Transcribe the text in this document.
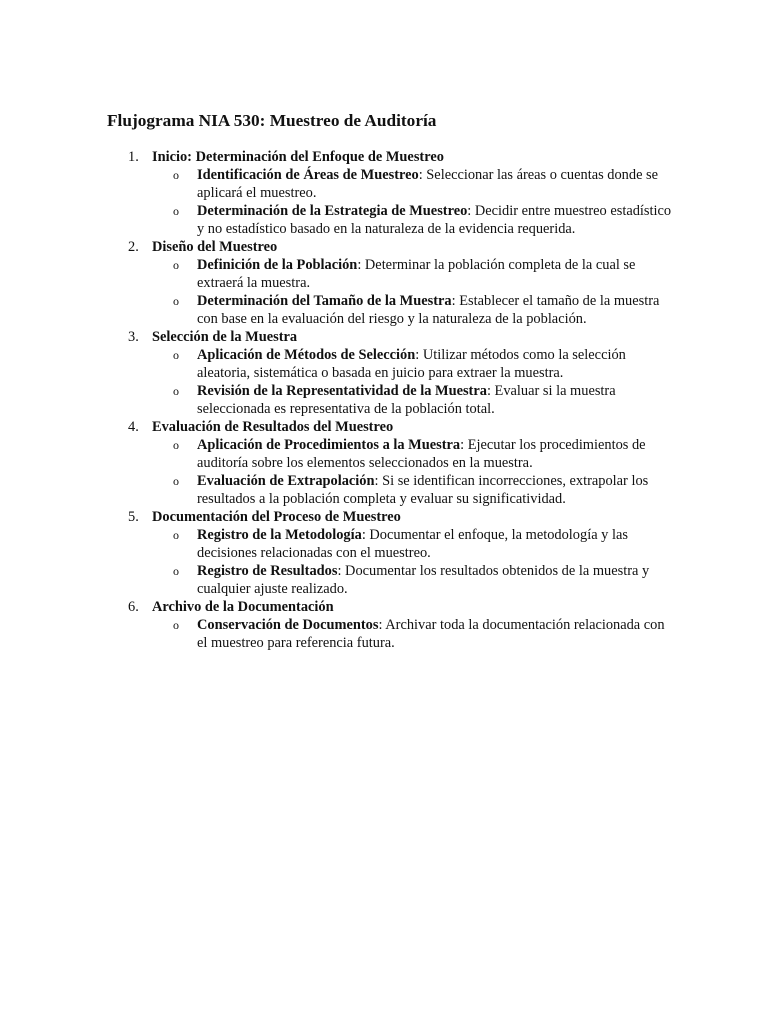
Flujograma NIA 530: Muestreo de Auditoría
1. Inicio: Determinación del Enfoque de Muestreo
o Identificación de Áreas de Muestreo: Seleccionar las áreas o cuentas donde se aplicará el muestreo.
o Determinación de la Estrategia de Muestreo: Decidir entre muestreo estadístico y no estadístico basado en la naturaleza de la evidencia requerida.
2. Diseño del Muestreo
o Definición de la Población: Determinar la población completa de la cual se extraerá la muestra.
o Determinación del Tamaño de la Muestra: Establecer el tamaño de la muestra con base en la evaluación del riesgo y la naturaleza de la población.
3. Selección de la Muestra
o Aplicación de Métodos de Selección: Utilizar métodos como la selección aleatoria, sistemática o basada en juicio para extraer la muestra.
o Revisión de la Representatividad de la Muestra: Evaluar si la muestra seleccionada es representativa de la población total.
4. Evaluación de Resultados del Muestreo
o Aplicación de Procedimientos a la Muestra: Ejecutar los procedimientos de auditoría sobre los elementos seleccionados en la muestra.
o Evaluación de Extrapolación: Si se identifican incorrecciones, extrapolar los resultados a la población completa y evaluar su significatividad.
5. Documentación del Proceso de Muestreo
o Registro de la Metodología: Documentar el enfoque, la metodología y las decisiones relacionadas con el muestreo.
o Registro de Resultados: Documentar los resultados obtenidos de la muestra y cualquier ajuste realizado.
6. Archivo de la Documentación
o Conservación de Documentos: Archivar toda la documentación relacionada con el muestreo para referencia futura.
